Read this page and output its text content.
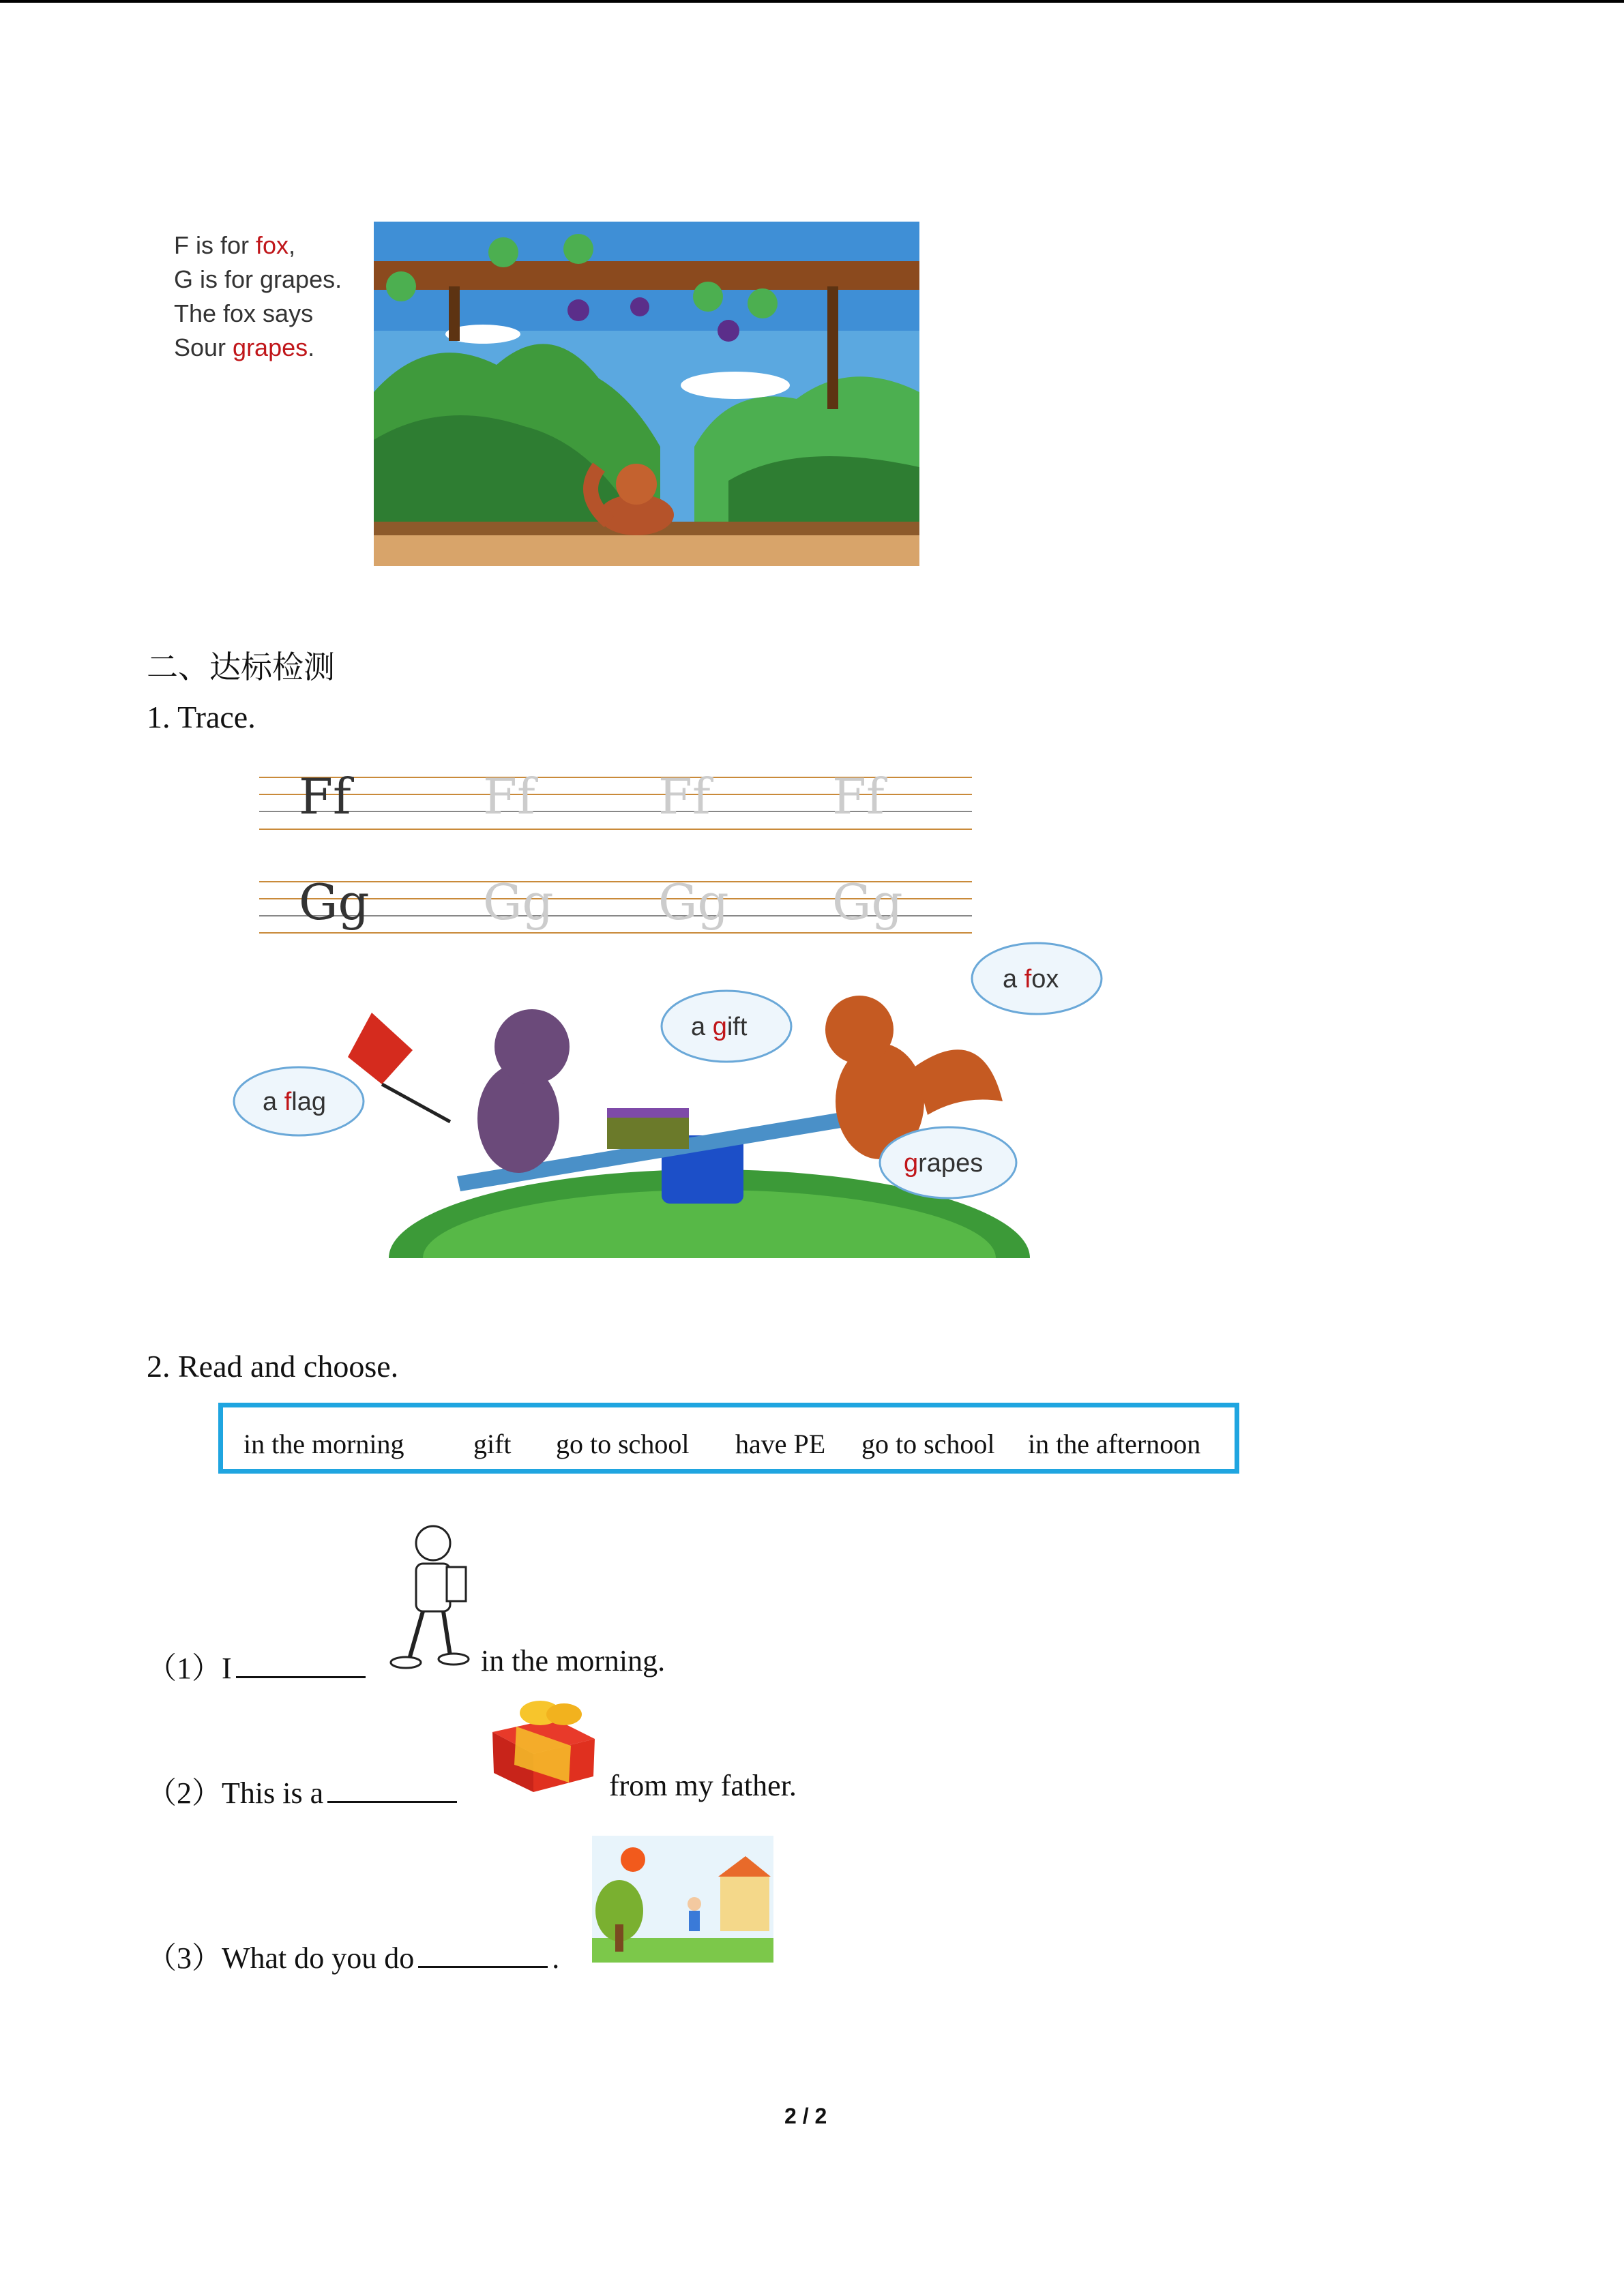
F is for fox,
G is for grapes.
The fox says
Sour grapes.
二、达标检测
1. Trace.
Ff	Ff	Ff Ff
Gg Gg Gg Gg
a flag
a gift
a fox
grapes
2. Read and choose.
in the morning	gift go to school have PE go to school in the afternoon
（1）I	in the morning.
（2）This is a	from my father.
（3）What do you do	.
2 / 2
